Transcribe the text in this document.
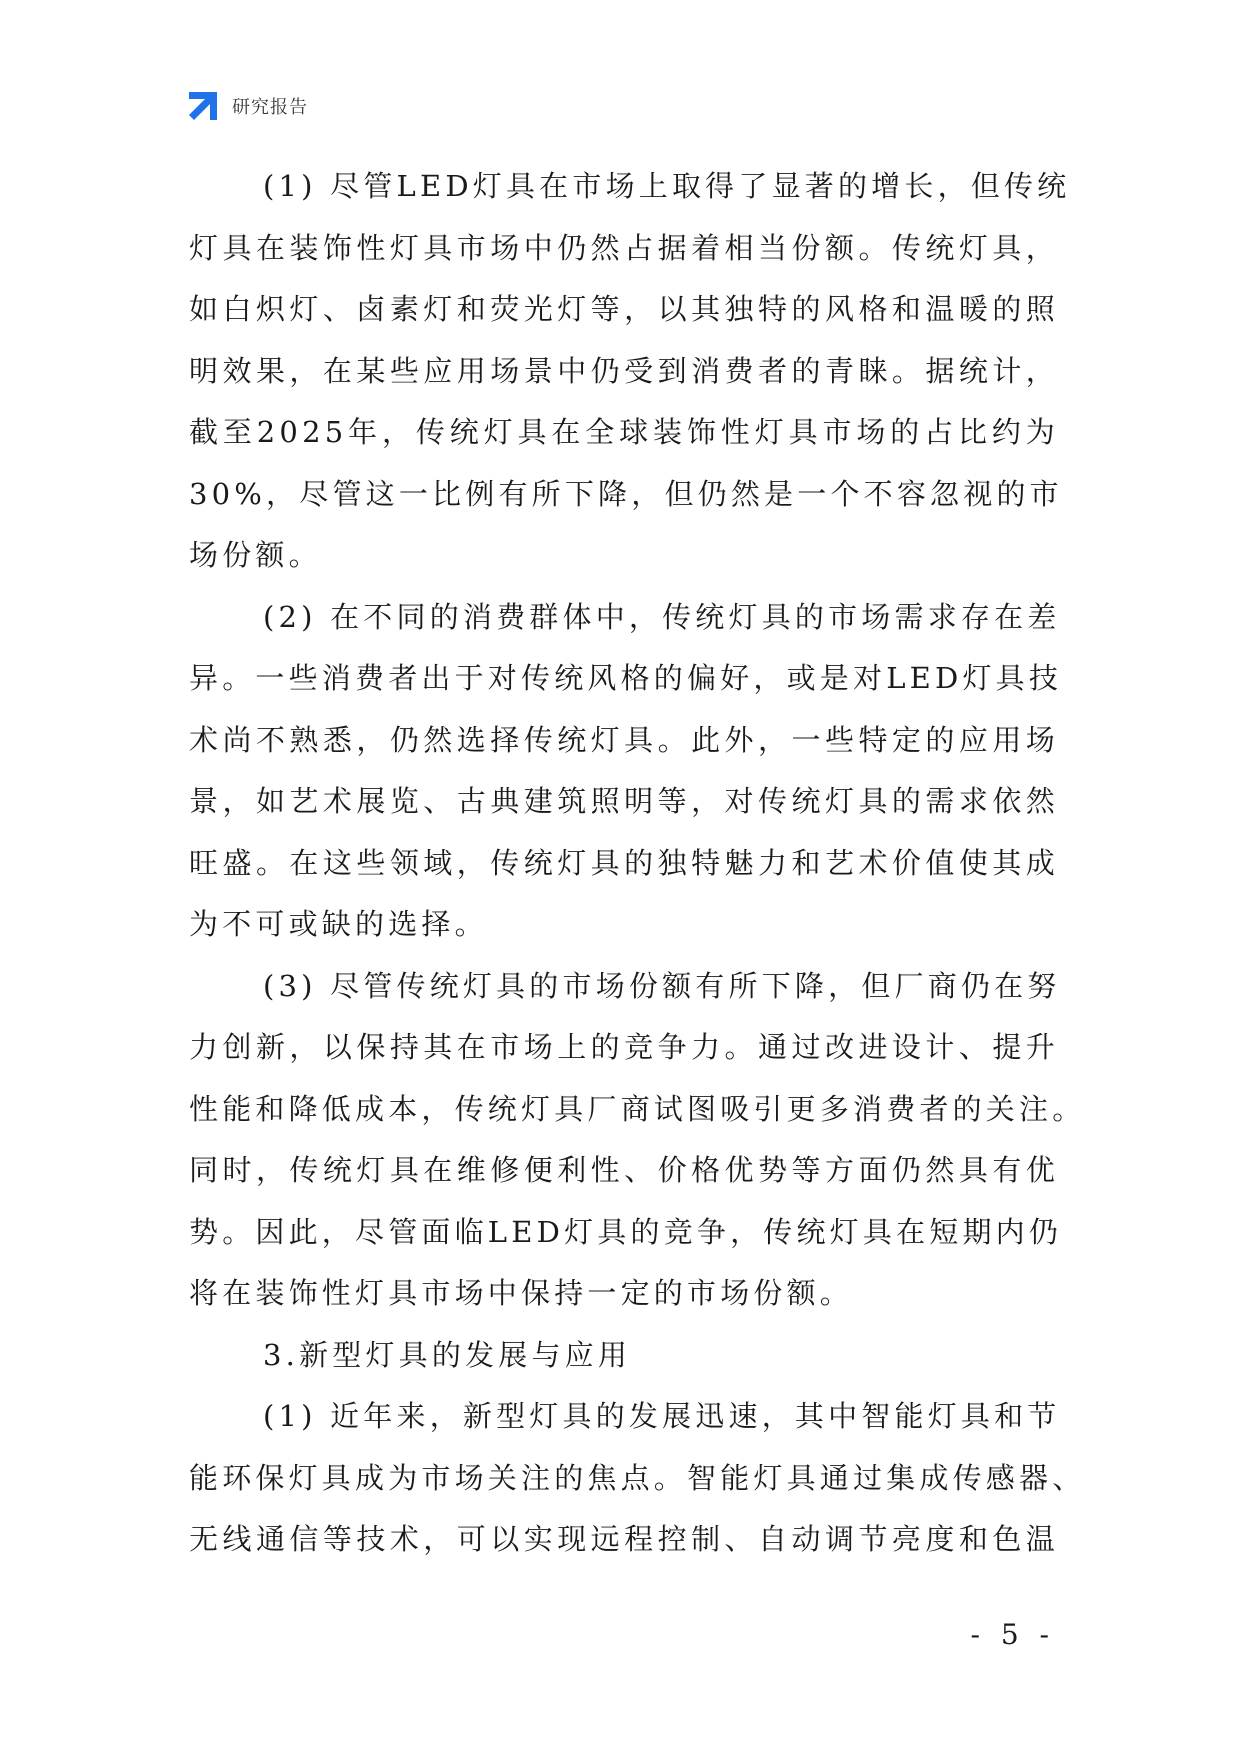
研究报告
(1) 尽管LED灯具在市场上取得了显著的增长，但传统
灯具在装饰性灯具市场中仍然占据着相当份额。传统灯具，
如白炽灯、卤素灯和荧光灯等，以其独特的风格和温暖的照
明效果，在某些应用场景中仍受到消费者的青睐。据统计，
截至2025年，传统灯具在全球装饰性灯具市场的占比约为
30%，尽管这一比例有所下降，但仍然是一个不容忽视的市
场份额。
(2) 在不同的消费群体中，传统灯具的市场需求存在差
异。一些消费者出于对传统风格的偏好，或是对LED灯具技
术尚不熟悉，仍然选择传统灯具。此外，一些特定的应用场
景，如艺术展览、古典建筑照明等，对传统灯具的需求依然
旺盛。在这些领域，传统灯具的独特魅力和艺术价值使其成
为不可或缺的选择。
(3) 尽管传统灯具的市场份额有所下降，但厂商仍在努
力创新，以保持其在市场上的竞争力。通过改进设计、提升
性能和降低成本，传统灯具厂商试图吸引更多消费者的关注。
同时，传统灯具在维修便利性、价格优势等方面仍然具有优
势。因此，尽管面临LED灯具的竞争，传统灯具在短期内仍
将在装饰性灯具市场中保持一定的市场份额。
3.新型灯具的发展与应用
(1) 近年来，新型灯具的发展迅速，其中智能灯具和节
能环保灯具成为市场关注的焦点。智能灯具通过集成传感器、
无线通信等技术，可以实现远程控制、自动调节亮度和色温
- 5 -
